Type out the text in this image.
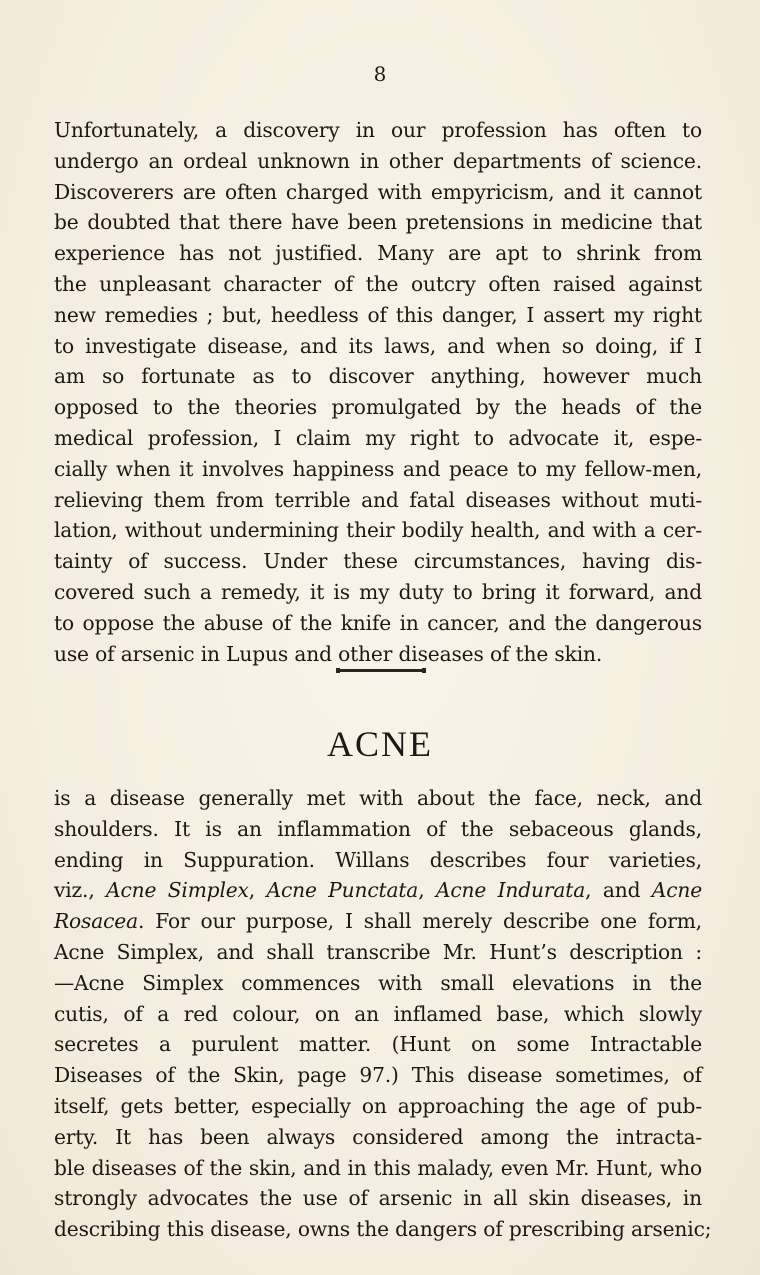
8
Unfortunately, a discovery in our profession has often to
undergo an ordeal unknown in other departments of science.
Discoverers are often charged with empyricism, and it cannot
be doubted that there have been pretensions in medicine that
experience has not justified. Many are apt to shrink from
the unpleasant character of the outcry often raised against
new remedies ; but, heedless of this danger, I assert my right
to investigate disease, and its laws, and when so doing, if I
am so fortunate as to discover anything, however much
opposed to the theories promulgated by the heads of the
medical profession, I claim my right to advocate it, espe-
cially when it involves happiness and peace to my fellow-men,
relieving them from terrible and fatal diseases without muti-
lation, without undermining their bodily health, and with a cer-
tainty of success. Under these circumstances, having dis-
covered such a remedy, it is my duty to bring it forward, and
to oppose the abuse of the knife in cancer, and the dangerous
use of arsenic in Lupus and other diseases of the skin.
ACNE
is a disease generally met with about the face, neck, and
shoulders. It is an inflammation of the sebaceous glands,
ending in Suppuration. Willans describes four varieties,
viz., Acne Simplex, Acne Punctata, Acne Indurata, and Acne
Rosacea. For our purpose, I shall merely describe one form,
Acne Simplex, and shall transcribe Mr. Hunt’s description :
—Acne Simplex commences with small elevations in the
cutis, of a red colour, on an inflamed base, which slowly
secretes a purulent matter. (Hunt on some Intractable
Diseases of the Skin, page 97.) This disease sometimes, of
itself, gets better, especially on approaching the age of pub-
erty. It has been always considered among the intracta-
ble diseases of the skin, and in this malady, even Mr. Hunt, who
strongly advocates the use of arsenic in all skin diseases, in
describing this disease, owns the dangers of prescribing arsenic;
